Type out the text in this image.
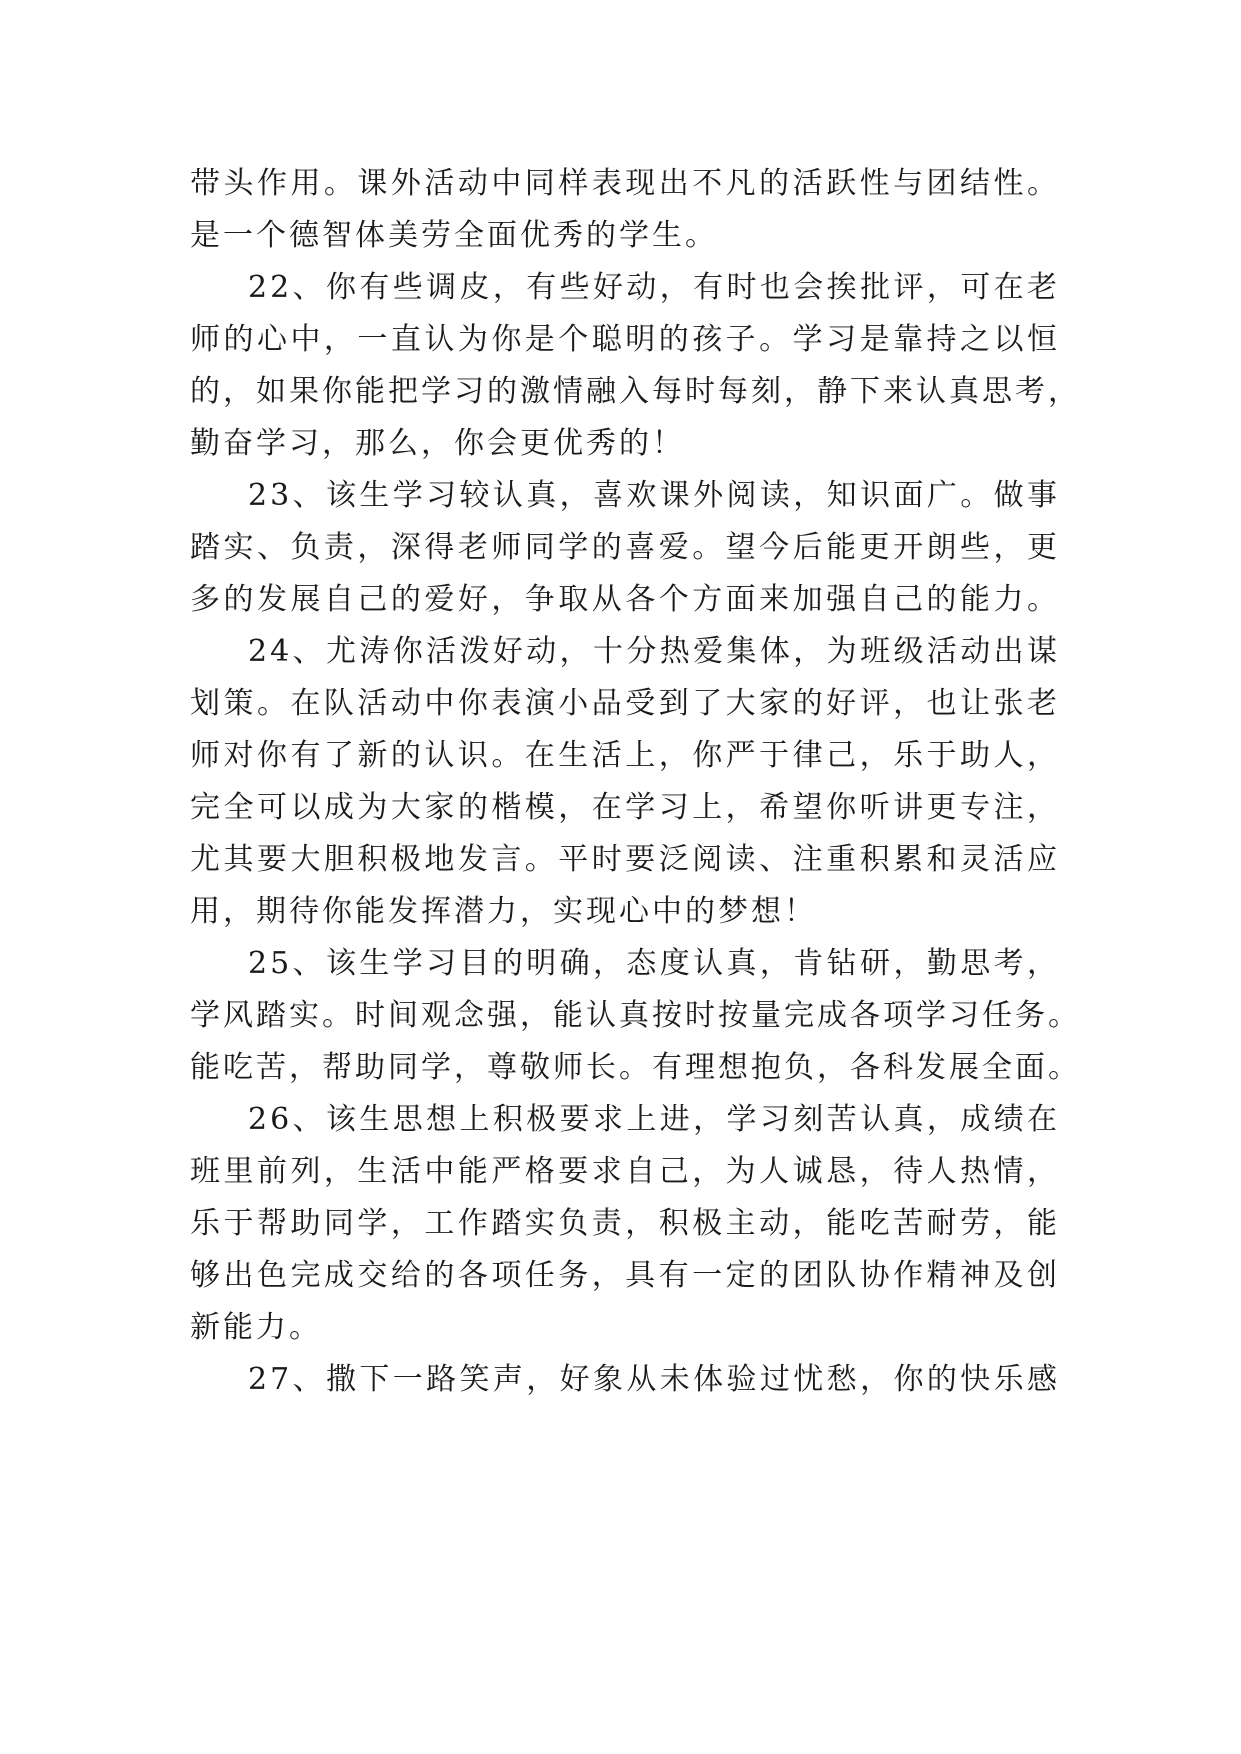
带头作用。课外活动中同样表现出不凡的活跃性与团结性。
是一个德智体美劳全面优秀的学生。
22、你有些调皮，有些好动，有时也会挨批评，可在老
师的心中，一直认为你是个聪明的孩子。学习是靠持之以恒
的，如果你能把学习的激情融入每时每刻，静下来认真思考，
勤奋学习，那么，你会更优秀的！
23、该生学习较认真，喜欢课外阅读，知识面广。做事
踏实、负责，深得老师同学的喜爱。望今后能更开朗些，更
多的发展自己的爱好，争取从各个方面来加强自己的能力。
24、尤涛你活泼好动，十分热爱集体，为班级活动出谋
划策。在队活动中你表演小品受到了大家的好评，也让张老
师对你有了新的认识。在生活上，你严于律己，乐于助人，
完全可以成为大家的楷模，在学习上，希望你听讲更专注，
尤其要大胆积极地发言。平时要泛阅读、注重积累和灵活应
用，期待你能发挥潜力，实现心中的梦想！
25、该生学习目的明确，态度认真，肯钻研，勤思考，
学风踏实。时间观念强，能认真按时按量完成各项学习任务。
能吃苦，帮助同学，尊敬师长。有理想抱负，各科发展全面。
26、该生思想上积极要求上进，学习刻苦认真，成绩在
班里前列，生活中能严格要求自己，为人诚恳，待人热情，
乐于帮助同学，工作踏实负责，积极主动，能吃苦耐劳，能
够出色完成交给的各项任务，具有一定的团队协作精神及创
新能力。
27、撒下一路笑声，好象从未体验过忧愁，你的快乐感
